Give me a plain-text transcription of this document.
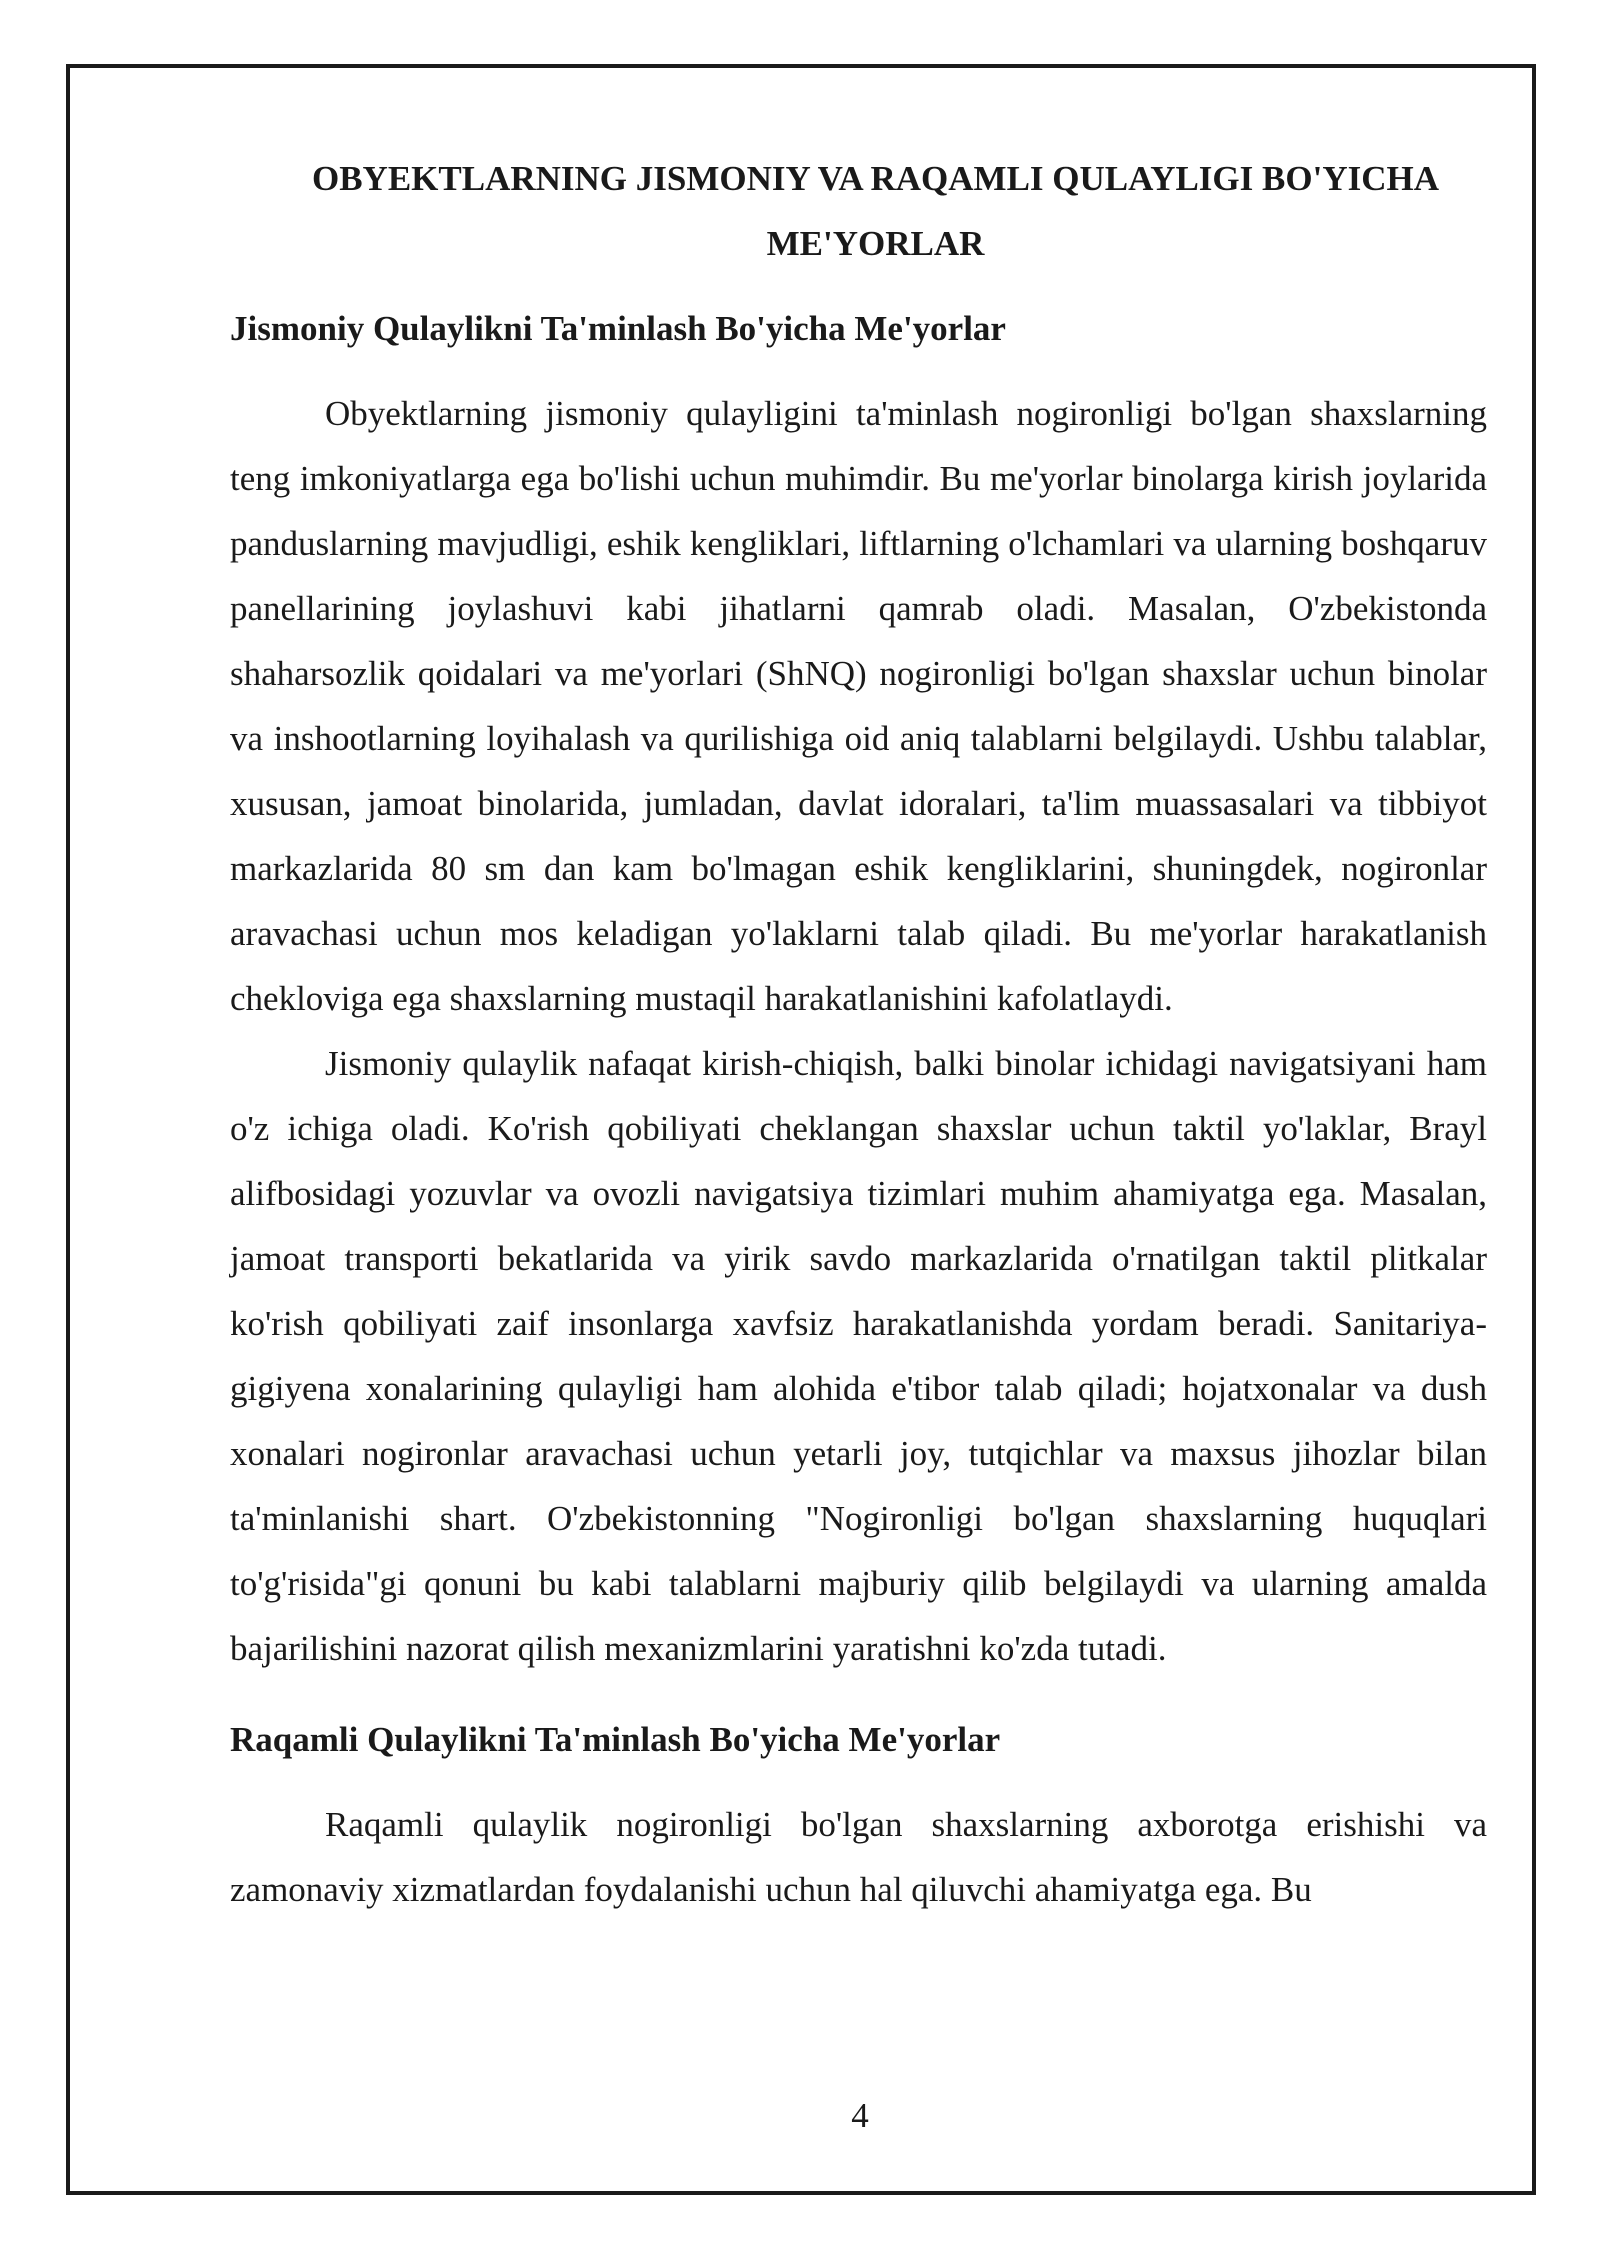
OBYEKTLARNING JISMONIY VA RAQAMLI QULAYLIGI BO'YICHA ME'YORLAR
Jismoniy Qulaylikni Ta'minlash Bo'yicha Me'yorlar

Obyektlarning jismoniy qulayligini ta'minlash nogironligi bo'lgan shaxslarning teng imkoniyatlarga ega bo'lishi uchun muhimdir. Bu me'yorlar binolarga kirish joylarida panduslarning mavjudligi, eshik kengliklari, liftlarning o'lchamlari va ularning boshqaruv panellarining joylashuvi kabi jihatlarni qamrab oladi. Masalan, O'zbekistonda shaharsozlik qoidalari va me'yorlari (ShNQ) nogironligi bo'lgan shaxslar uchun binolar va inshootlarning loyihalash va qurilishiga oid aniq talablarni belgilaydi. Ushbu talablar, xususan, jamoat binolarida, jumladan, davlat idoralari, ta'lim muassasalari va tibbiyot markazlarida 80 sm dan kam bo'lmagan eshik kengliklarini, shuningdek, nogironlar aravachasi uchun mos keladigan yo'laklarni talab qiladi. Bu me'yorlar harakatlanish chekloviga ega shaxslarning mustaqil harakatlanishini kafolatlaydi.

Jismoniy qulaylik nafaqat kirish-chiqish, balki binolar ichidagi navigatsiyani ham o'z ichiga oladi. Ko'rish qobiliyati cheklangan shaxslar uchun taktil yo'laklar, Brayl alifbosidagi yozuvlar va ovozli navigatsiya tizimlari muhim ahamiyatga ega. Masalan, jamoat transporti bekatlarida va yirik savdo markazlarida o'rnatilgan taktil plitkalar ko'rish qobiliyati zaif insonlarga xavfsiz harakatlanishda yordam beradi. Sanitariya-gigiyena xonalarining qulayligi ham alohida e'tibor talab qiladi; hojatxonalar va dush xonalari nogironlar aravachasi uchun yetarli joy, tutqichlar va maxsus jihozlar bilan ta'minlanishi shart. O'zbekistonning "Nogironligi bo'lgan shaxslarning huquqlari to'g'risida"gi qonuni bu kabi talablarni majburiy qilib belgilaydi va ularning amalda bajarilishini nazorat qilish mexanizmlarini yaratishni ko'zda tutadi.

Raqamli Qulaylikni Ta'minlash Bo'yicha Me'yorlar

Raqamli qulaylik nogironligi bo'lgan shaxslarning axborotga erishishi va zamonaviy xizmatlardan foydalanishi uchun hal qiluvchi ahamiyatga ega. Bu

4
